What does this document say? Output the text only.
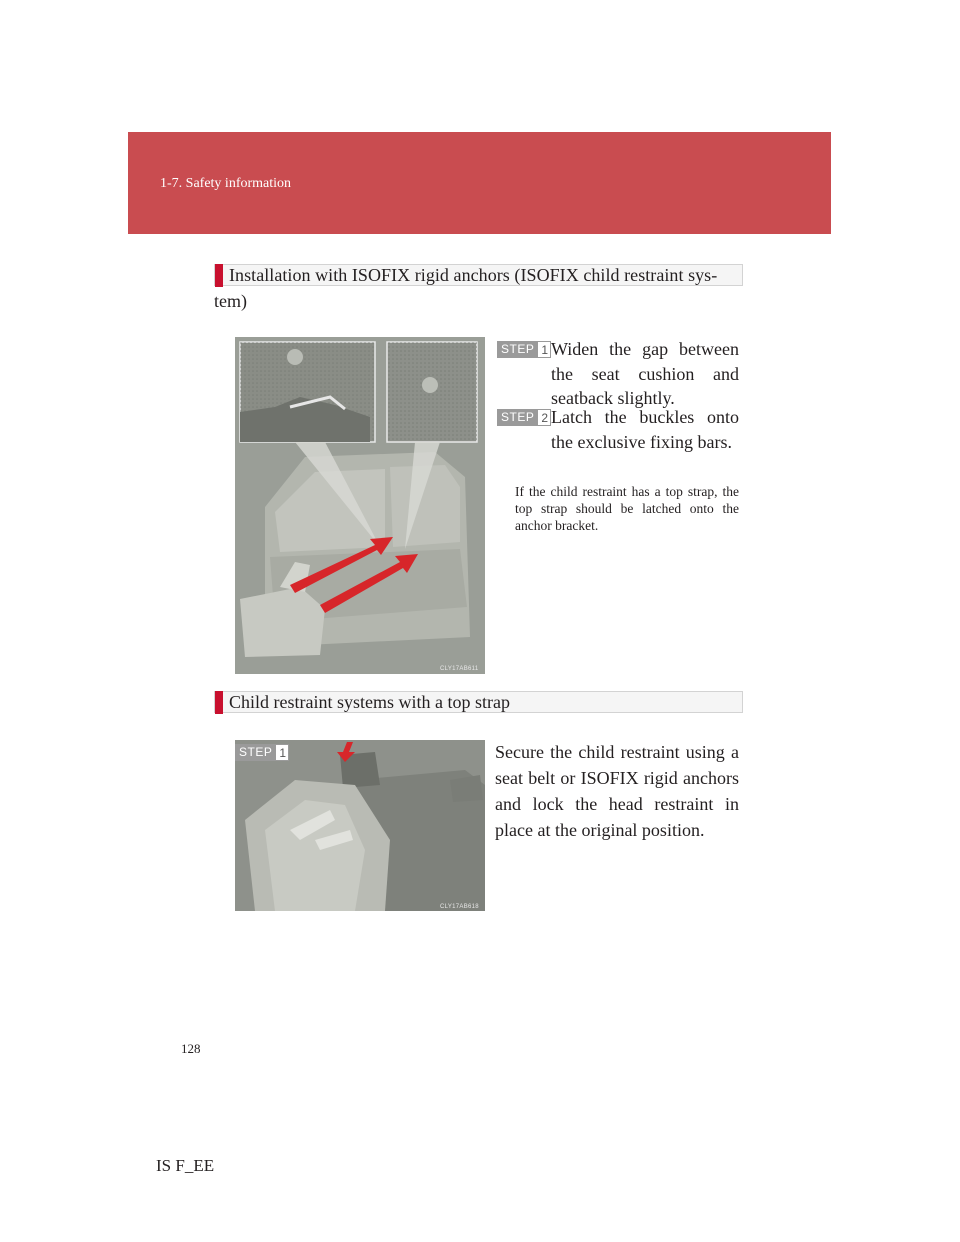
1-7. Safety information
Installation with ISOFIX rigid anchors (ISOFIX child restraint sys-
tem)
CLY17AB611
STEP 1 Widen the gap between the seat cushion and seatback slightly.
STEP 2 Latch the buckles onto the exclusive fixing bars.
If the child restraint has a top strap, the top strap should be latched onto the anchor bracket.
Child restraint systems with a top strap
CLY17AB618
STEP 1	Secure the child restraint using a seat belt or ISOFIX rigid anchors and lock the head restraint in place at the original position.
128
IS F_EE
